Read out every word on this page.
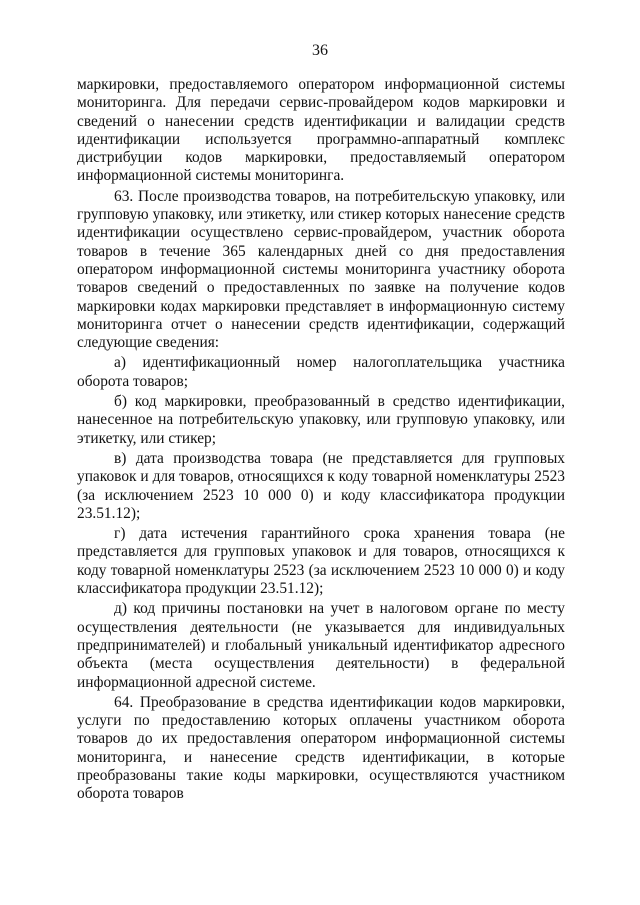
36

маркировки, предоставляемого оператором информационной системы мониторинга. Для передачи сервис-провайдером кодов маркировки и сведений о нанесении средств идентификации и валидации средств идентификации используется программно-аппаратный комплекс дистрибуции кодов маркировки, предоставляемый оператором информационной системы мониторинга.

63. После производства товаров, на потребительскую упаковку, или групповую упаковку, или этикетку, или стикер которых нанесение средств идентификации осуществлено сервис-провайдером, участник оборота товаров в течение 365 календарных дней со дня предоставления оператором информационной системы мониторинга участнику оборота товаров сведений о предоставленных по заявке на получение кодов маркировки кодах маркировки представляет в информационную систему мониторинга отчет о нанесении средств идентификации, содержащий следующие сведения:

а) идентификационный номер налогоплательщика участника оборота товаров;

б) код маркировки, преобразованный в средство идентификации, нанесенное на потребительскую упаковку, или групповую упаковку, или этикетку, или стикер;

в) дата производства товара (не представляется для групповых упаковок и для товаров, относящихся к коду товарной номенклатуры 2523 (за исключением 2523 10 000 0) и коду классификатора продукции 23.51.12);

г) дата истечения гарантийного срока хранения товара (не представляется для групповых упаковок и для товаров, относящихся к коду товарной номенклатуры 2523 (за исключением 2523 10 000 0) и коду классификатора продукции 23.51.12);

д) код причины постановки на учет в налоговом органе по месту осуществления деятельности (не указывается для индивидуальных предпринимателей) и глобальный уникальный идентификатор адресного объекта (места осуществления деятельности) в федеральной информационной адресной системе.

64. Преобразование в средства идентификации кодов маркировки, услуги по предоставлению которых оплачены участником оборота товаров до их предоставления оператором информационной системы мониторинга, и нанесение средств идентификации, в которые преобразованы такие коды маркировки, осуществляются участником оборота товаров
